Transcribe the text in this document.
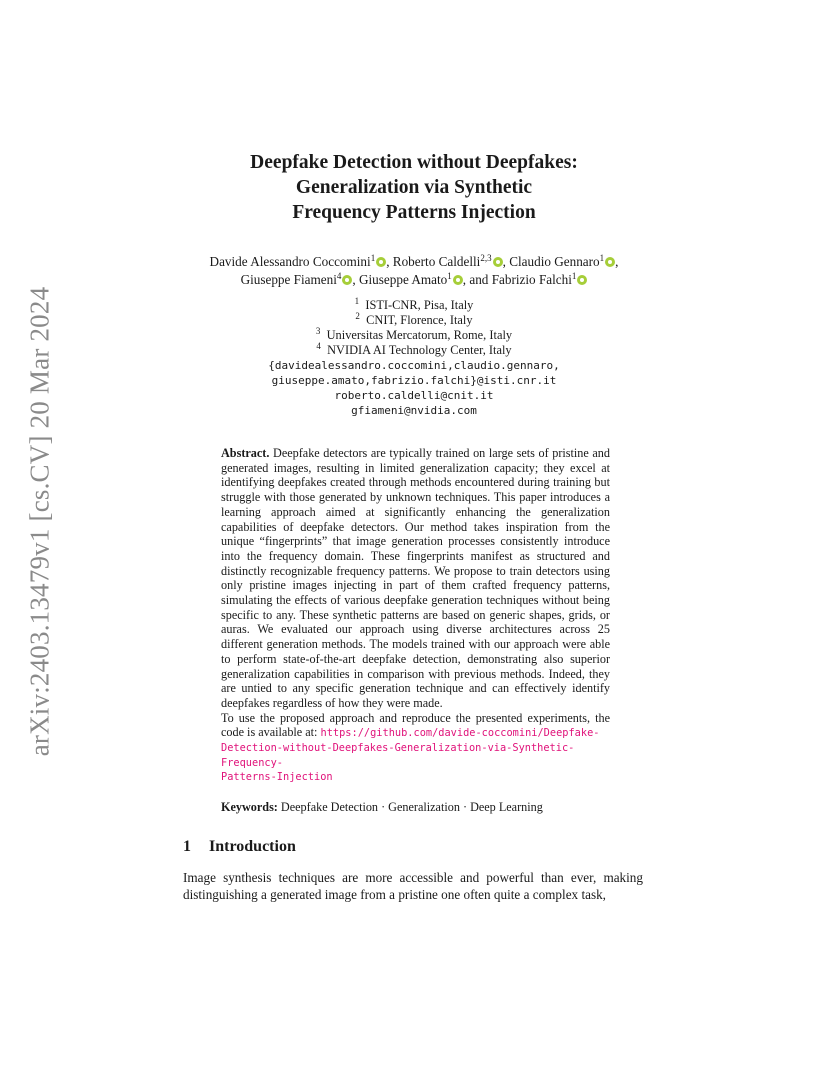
arXiv:2403.13479v1 [cs.CV] 20 Mar 2024
Deepfake Detection without Deepfakes:
Generalization via Synthetic
Frequency Patterns Injection
Davide Alessandro Coccomini$^1$ , Roberto Caldelli$^{2,3}$ , Claudio Gennaro$^1$ ,
Giuseppe Fiameni$^4$ , Giuseppe Amato$^1$ , and Fabrizio Falchi$^1$
$^1$ ISTI-CNR, Pisa, Italy
$^2$ CNIT, Florence, Italy
$^3$ Universitas Mercatorum, Rome, Italy
$^4$ NVIDIA AI Technology Center, Italy
{davidealessandro.coccomini,claudio.gennaro,
giuseppe.amato,fabrizio.falchi}@isti.cnr.it
roberto.caldelli@cnit.it
gfiameni@nvidia.com
Abstract. Deepfake detectors are typically trained on large sets of pristine and generated images, resulting in limited generalization capacity; they excel at identifying deepfakes created through methods encountered during training but struggle with those generated by unknown techniques. This paper introduces a learning approach aimed at significantly enhancing the generalization capabilities of deepfake detectors. Our method takes inspiration from the unique “fingerprints” that image generation processes consistently introduce into the frequency domain. These fingerprints manifest as structured and distinctly recognizable frequency patterns. We propose to train detectors using only pristine images injecting in part of them crafted frequency patterns, simulating the effects of various deepfake generation techniques without being specific to any. These synthetic patterns are based on generic shapes, grids, or auras. We evaluated our approach using diverse architectures across 25 different generation methods. The models trained with our approach were able to perform state-of-the-art deepfake detection, demonstrating also superior generalization capabilities in comparison with previous methods. Indeed, they are untied to any specific generation technique and can effectively identify deepfakes regardless of how they were made.
To use the proposed approach and reproduce the presented experiments, the code is available at: https://github.com/davide-coccomini/Deepfake-
Detection-without-Deepfakes-Generalization-via-Synthetic-Frequency-
Patterns-Injection
Keywords: Deepfake Detection · Generalization · Deep Learning
1 Introduction
Image synthesis techniques are more accessible and powerful than ever, making distinguishing a generated image from a pristine one often quite a complex task,
